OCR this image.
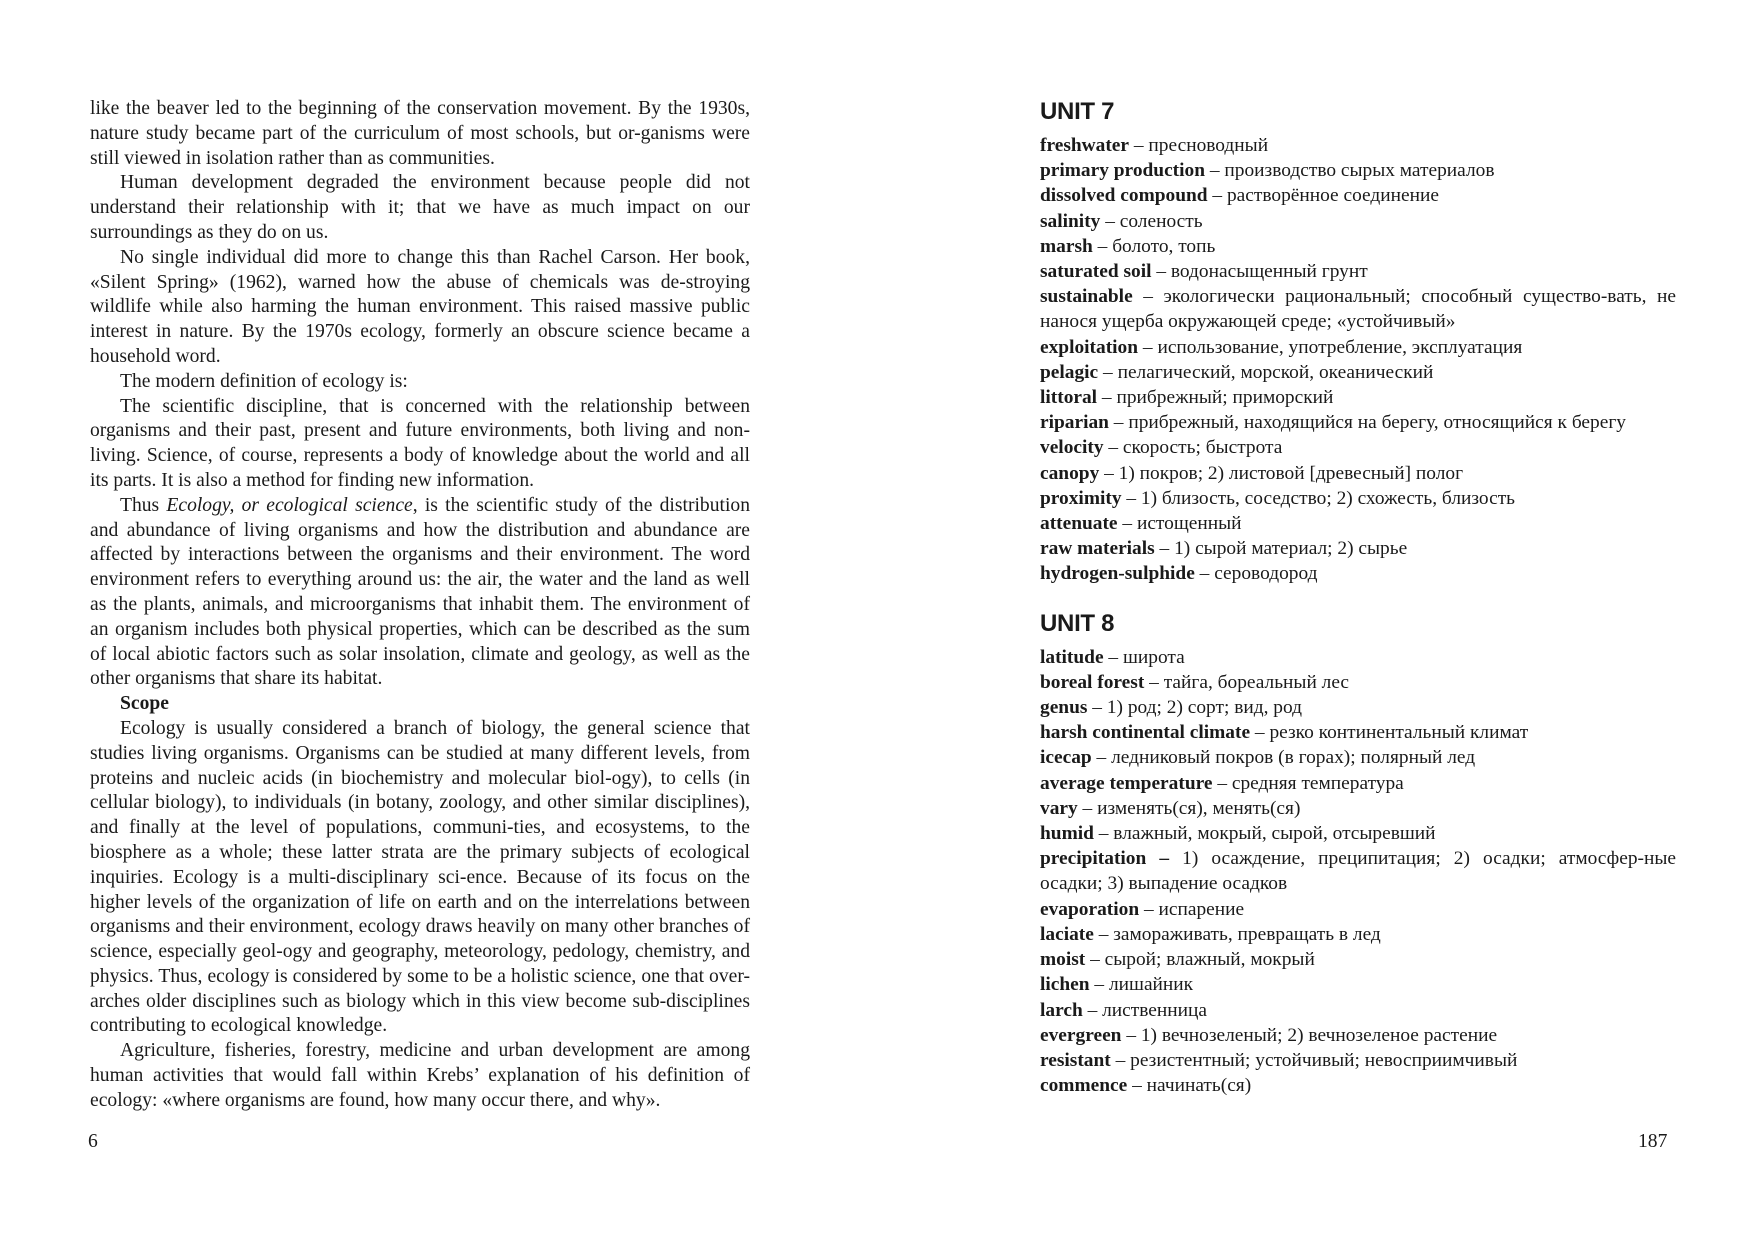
like the beaver led to the beginning of the conservation movement. By the 1930s, nature study became part of the curriculum of most schools, but or-ganisms were still viewed in isolation rather than as communities.

Human development degraded the environment because people did not understand their relationship with it; that we have as much impact on our surroundings as they do on us.

No single individual did more to change this than Rachel Carson. Her book, «Silent Spring» (1962), warned how the abuse of chemicals was de-stroying wildlife while also harming the human environment. This raised massive public interest in nature. By the 1970s ecology, formerly an obscure science became a household word.

The modern definition of ecology is:

The scientific discipline, that is concerned with the relationship between organisms and their past, present and future environments, both living and non-living. Science, of course, represents a body of knowledge about the world and all its parts. It is also a method for finding new information.

Thus Ecology, or ecological science, is the scientific study of the distribution and abundance of living organisms and how the distribution and abundance are affected by interactions between the organisms and their environment. The word environment refers to everything around us: the air, the water and the land as well as the plants, animals, and microorganisms that inhabit them. The environment of an organism includes both physical properties, which can be described as the sum of local abiotic factors such as solar insolation, climate and geology, as well as the other organisms that share its habitat.

Scope

Ecology is usually considered a branch of biology, the general science that studies living organisms. Organisms can be studied at many different levels, from proteins and nucleic acids (in biochemistry and molecular biol-ogy), to cells (in cellular biology), to individuals (in botany, zoology, and other similar disciplines), and finally at the level of populations, communi-ties, and ecosystems, to the biosphere as a whole; these latter strata are the primary subjects of ecological inquiries. Ecology is a multi-disciplinary sci-ence. Because of its focus on the higher levels of the organization of life on earth and on the interrelations between organisms and their environment, ecology draws heavily on many other branches of science, especially geol-ogy and geography, meteorology, pedology, chemistry, and physics. Thus, ecology is considered by some to be a holistic science, one that over-arches older disciplines such as biology which in this view become sub-disciplines contributing to ecological knowledge.

Agriculture, fisheries, forestry, medicine and urban development are among human activities that would fall within Krebs’ explanation of his definition of ecology: «where organisms are found, how many occur there, and why».

6
UNIT 7

freshwater – пресноводный

primary production – производство сырых материалов

dissolved compound – растворённое соединение

salinity – соленость

marsh – болото, топь

saturated soil – водонасыщенный грунт

sustainable – экологически рациональный; способный существо-вать, не нанося ущерба окружающей среде; «устойчивый»

exploitation – использование, употребление, эксплуатация

pelagic – пелагический, морской, океанический

littoral – прибрежный; приморский

riparian – прибрежный, находящийся на берегу, относящийся к берегу

velocity – скорость; быстрота

canopy – 1) покров; 2) листовой [древесный] полог

proximity – 1) близость, соседство; 2) схожесть, близость

attenuate – истощенный

raw materials – 1) сырой материал; 2) сырье

hydrogen-sulphide – сероводород

UNIT 8

latitude – широта

boreal forest – тайга, бореальный лес

genus – 1) род; 2) сорт; вид, род

harsh continental climate – резко континентальный климат

icecap – ледниковый покров (в горах); полярный лед

average temperature – средняя температура

vary – изменять(ся), менять(ся)

humid – влажный, мокрый, сырой, отсыревший

precipitation – 1) осаждение, преципитация; 2) осадки; атмосфер-ные осадки; 3) выпадение осадков

evaporation – испарение

laciate – замораживать, превращать в лед

moist – сырой; влажный, мокрый

lichen – лишайник

larch – лиственница

evergreen – 1) вечнозеленый; 2) вечнозеленое растение

resistant – резистентный; устойчивый; невосприимчивый

commence – начинать(ся)

187
